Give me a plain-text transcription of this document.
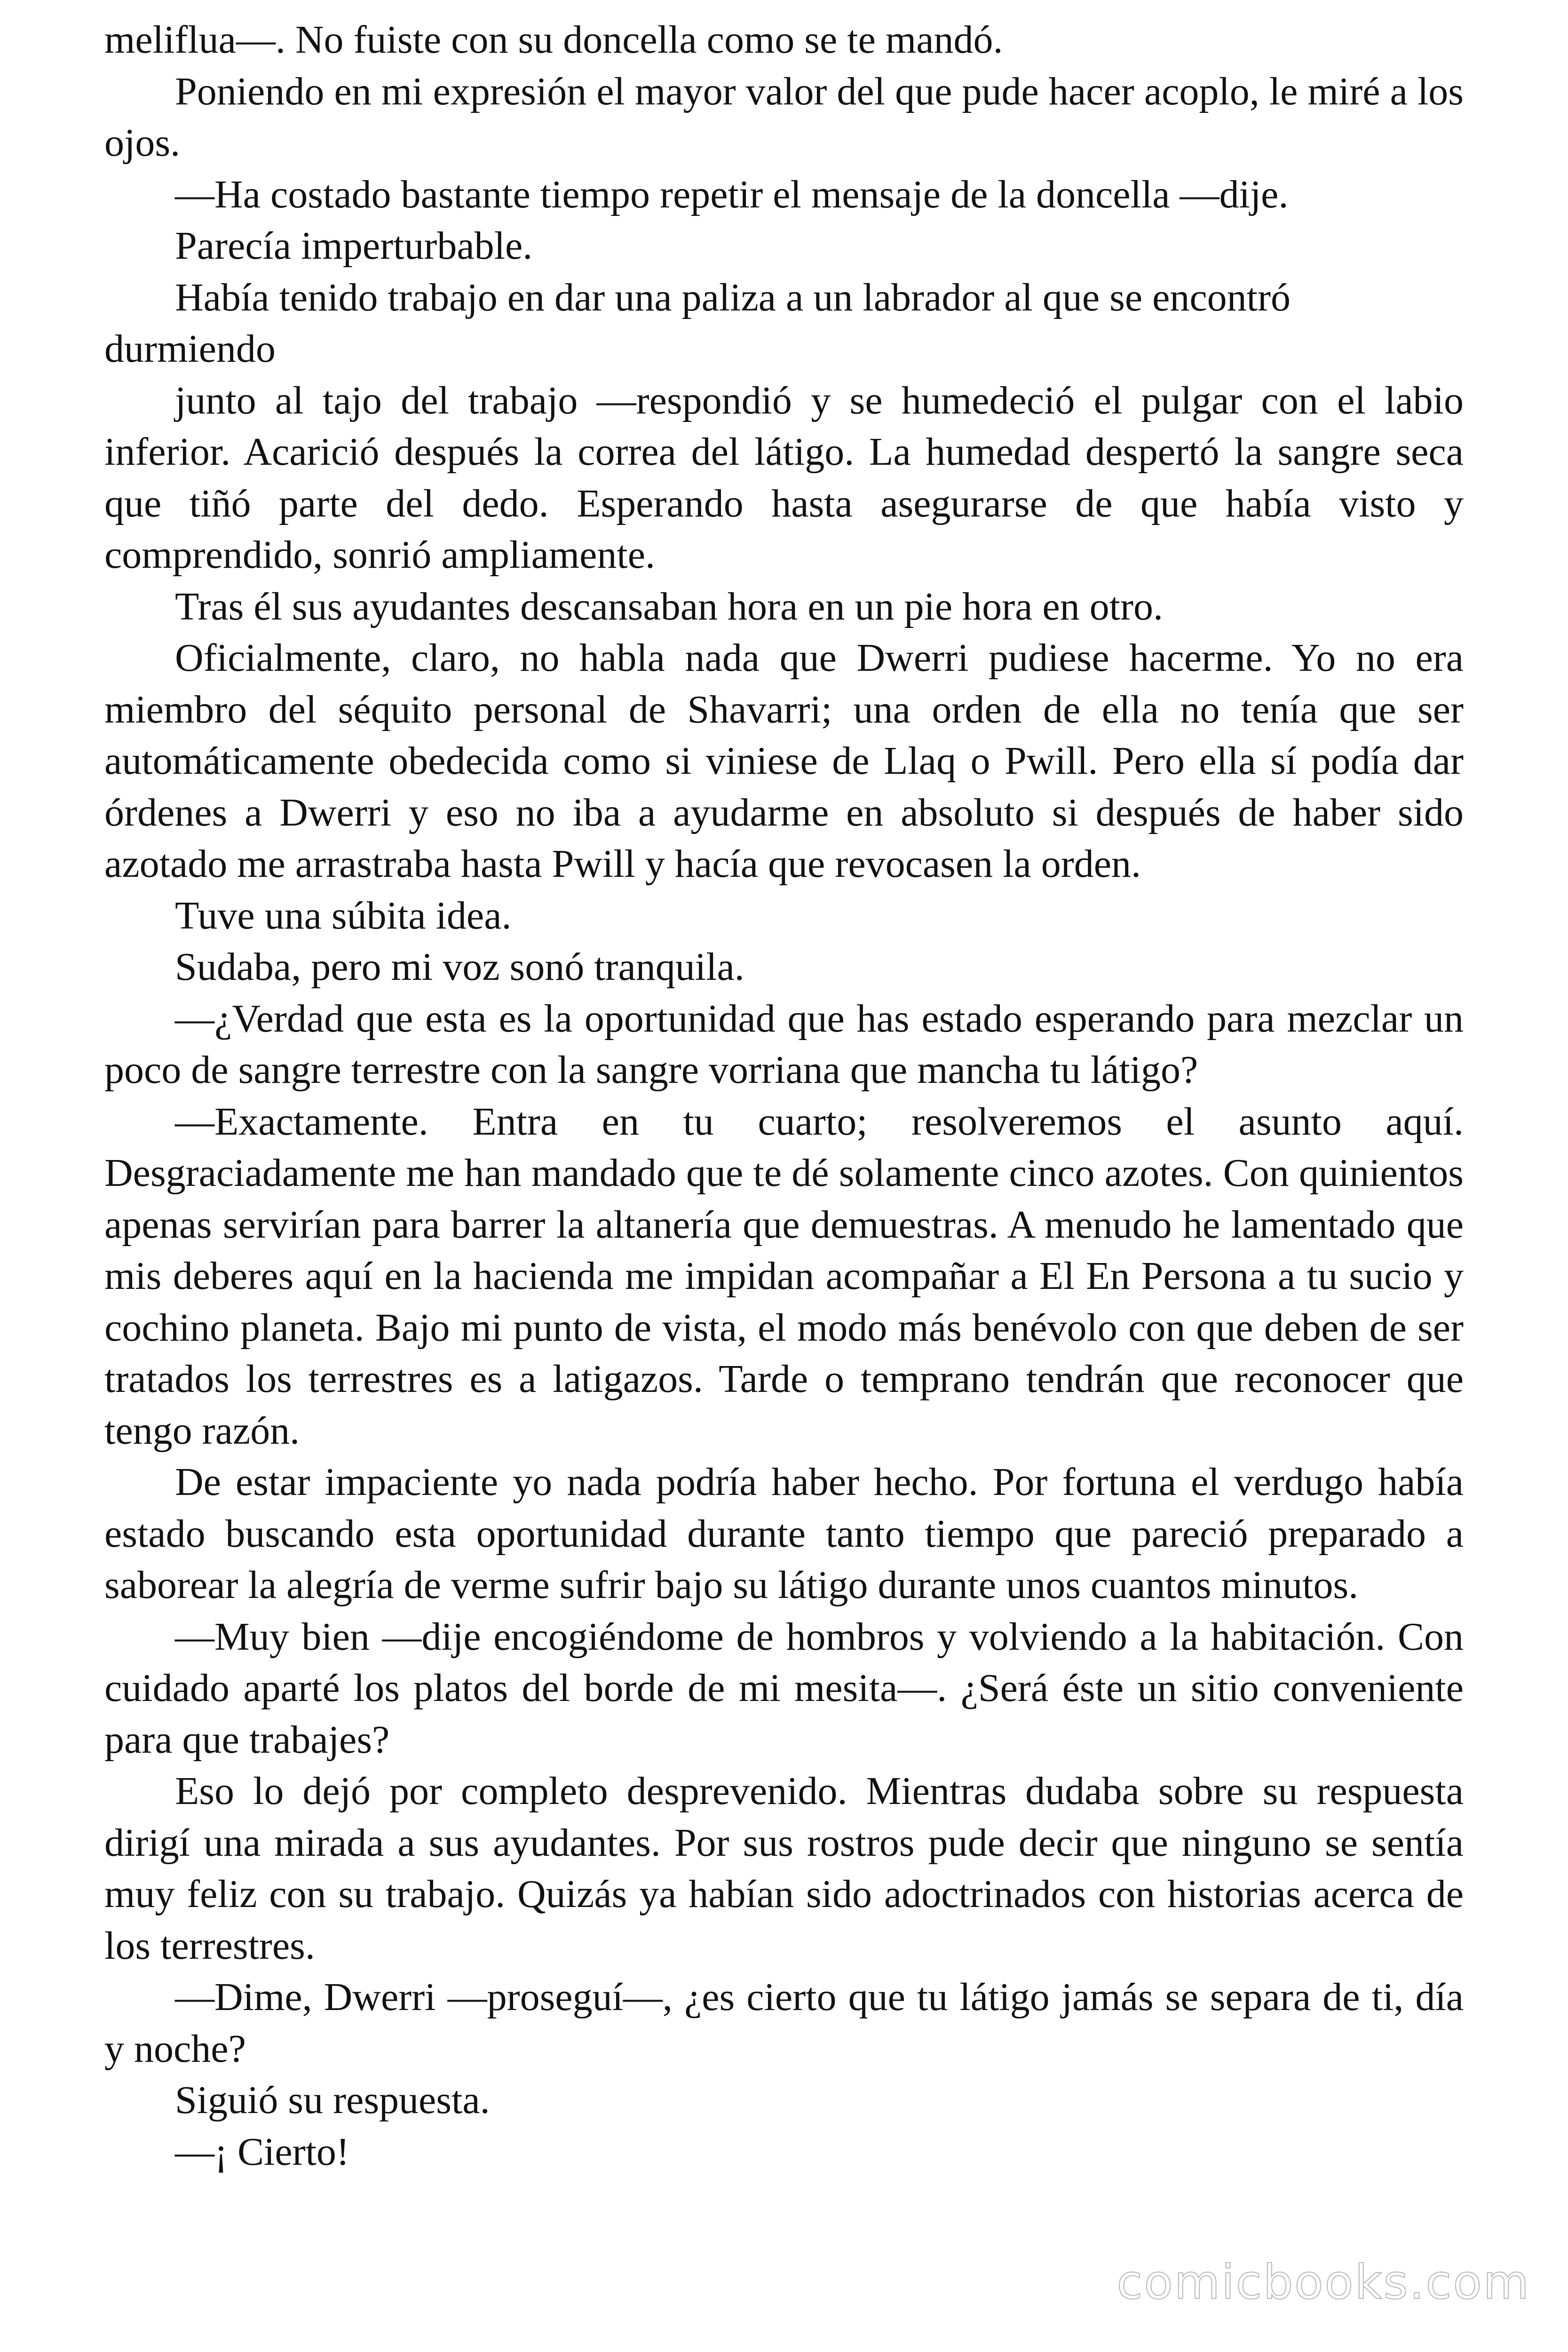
meliflua—. No fuiste con su doncella como se te mandó.

Poniendo en mi expresión el mayor valor del que pude hacer acoplo, le miré a los ojos.

—Ha costado bastante tiempo repetir el mensaje de la doncella —dije.

Parecía imperturbable.

Había tenido trabajo en dar una paliza a un labrador al que se encontró durmiendo

junto al tajo del trabajo —respondió y se humedeció el pulgar con el labio inferior. Acarició después la correa del látigo. La humedad despertó la sangre seca que tiñó parte del dedo. Esperando hasta asegurarse de que había visto y comprendido, sonrió ampliamente.

Tras él sus ayudantes descansaban hora en un pie hora en otro.

Oficialmente, claro, no habla nada que Dwerri pudiese hacerme. Yo no era miembro del séquito personal de Shavarri; una orden de ella no tenía que ser automáticamente obedecida como si viniese de Llaq o Pwill. Pero ella sí podía dar órdenes a Dwerri y eso no iba a ayudarme en absoluto si después de haber sido azotado me arrastraba hasta Pwill y hacía que revocasen la orden.

Tuve una súbita idea.

Sudaba, pero mi voz sonó tranquila.

—¿Verdad que esta es la oportunidad que has estado esperando para mezclar un poco de sangre terrestre con la sangre vorriana que mancha tu látigo?

—Exactamente. Entra en tu cuarto; resolveremos el asunto aquí. Desgraciadamente me han mandado que te dé solamente cinco azotes. Con quinientos apenas servirían para barrer la altanería que demuestras. A menudo he lamentado que mis deberes aquí en la hacienda me impidan acompañar a El En Persona a tu sucio y cochino planeta. Bajo mi punto de vista, el modo más benévolo con que deben de ser tratados los terrestres es a latigazos. Tarde o temprano tendrán que reconocer que tengo razón.

De estar impaciente yo nada podría haber hecho. Por fortuna el verdugo había estado buscando esta oportunidad durante tanto tiempo que pareció preparado a saborear la alegría de verme sufrir bajo su látigo durante unos cuantos minutos.

—Muy bien —dije encogiéndome de hombros y volviendo a la habitación. Con cuidado aparté los platos del borde de mi mesita—. ¿Será éste un sitio conveniente para que trabajes?

Eso lo dejó por completo desprevenido. Mientras dudaba sobre su respuesta dirigí una mirada a sus ayudantes. Por sus rostros pude decir que ninguno se sentía muy feliz con su trabajo. Quizás ya habían sido adoctrinados con historias acerca de los terrestres.

—Dime, Dwerri —proseguí—, ¿es cierto que tu látigo jamás se separa de ti, día y noche?

Siguió su respuesta.

—¡ Cierto!

comicbooks.com
